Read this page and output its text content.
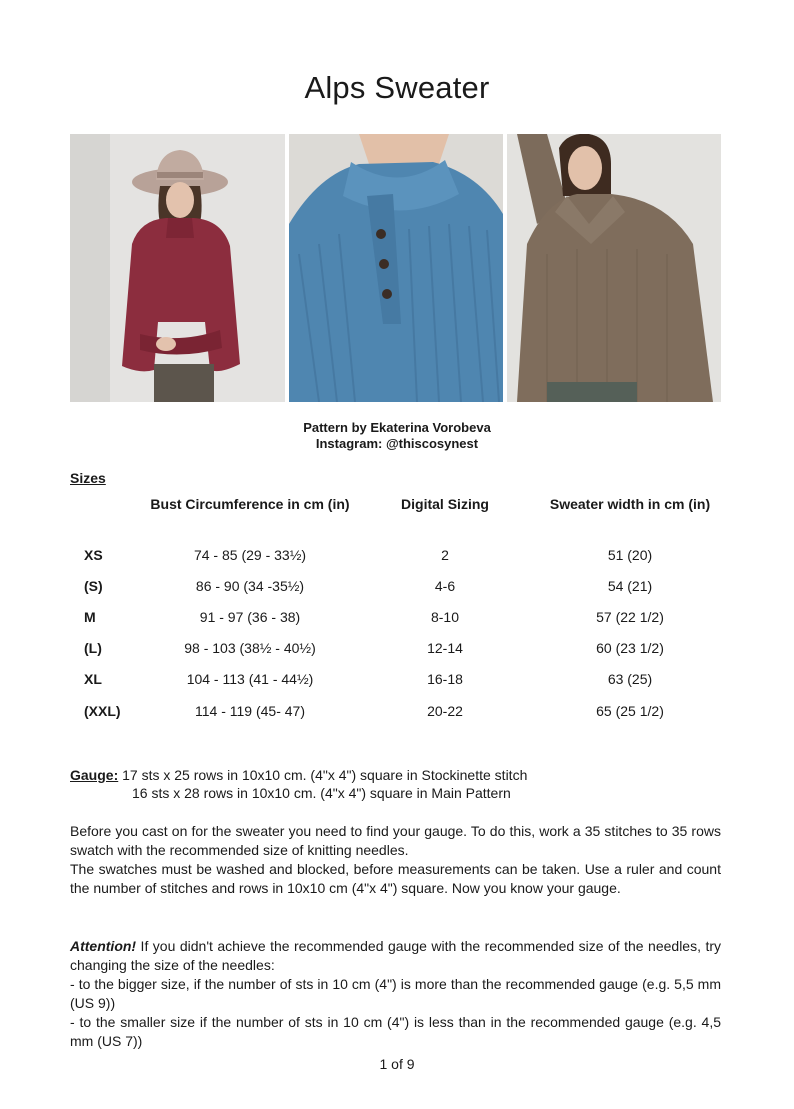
Alps Sweater
Pattern by Ekaterina Vorobeva
Instagram: @thiscosynest
Sizes
Bust Circumference in cm (in)	Digital Sizing	Sweater width in cm (in)
XS	74 - 85 (29 - 33½)	2	51 (20)
(S)	86 - 90 (34 -35½)	4-6	54 (21)
M	91 - 97 (36 - 38)	8-10	57 (22 1/2)
(L)	98 - 103 (38½ - 40½)	12-14	60 (23 1/2)
XL	104 - 113 (41 - 44½)	16-18	63 (25)
(XXL)	114 - 119 (45- 47)	20-22	65 (25 1/2)
Gauge: 17 sts x 25 rows in 10x10 cm. (4"x 4") square in Stockinette stitch
16 sts x 28 rows in 10x10 cm. (4"x 4") square in Main Pattern

Before you cast on for the sweater you need to find your gauge. To do this, work a 35 stitches to 35 rows swatch with the recommended size of knitting needles.

The swatches must be washed and blocked, before measurements can be taken. Use a ruler and count the number of stitches and rows in 10x10 cm (4"x 4") square. Now you know your gauge.

Attention! If you didn't achieve the recommended gauge with the recommended size of the needles, try changing the size of the needles:

- to the bigger size, if the number of sts in 10 cm (4") is more than the recommended gauge (e.g. 5,5 mm (US 9))

- to the smaller size if the number of sts in 10 cm (4") is less than in the recommended gauge (e.g. 4,5 mm (US 7))

1 of 9
